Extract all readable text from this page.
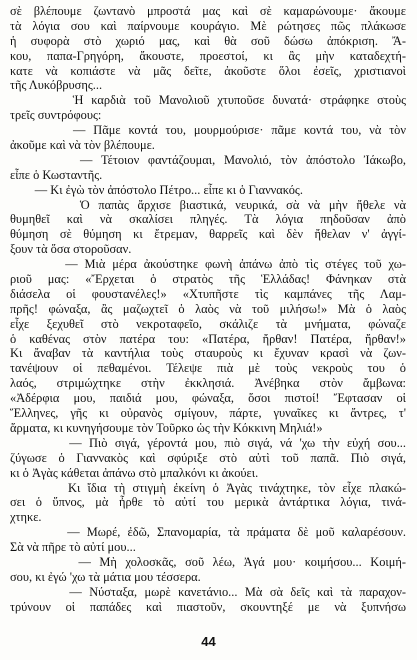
σὲ βλέπουμε ζωντανὸ μπροστά μας καὶ σὲ καμαρώνουμε· ἄκουμε
τὰ λόγια σου καὶ παίρνουμε κουράγιο. Μὲ ρώτησες πῶς πλάκωσε
ἡ συφορὰ στὸ χωριό μας, καὶ θὰ σοῦ δώσω ἀπόκριση. Ἄ-
κου, παπα-Γρηγόρη, ἄκουστε, προεστοί, κι ἂς μὴν καταδεχτή-
κατε νὰ κοπιάστε νὰ μᾶς δεῖτε, ἀκοῦστε ὅλοι ἐσεῖς, χριστιανοὶ
τῆς Λυκόβρυσης...
Ἡ καρδιὰ τοῦ Μανολιοῦ χτυποῦσε δυνατά· στράφηκε στοὺς
τρεῖς συντρόφους:
— Πᾶμε κοντά του, μουρμούρισε· πᾶμε κοντά του, νὰ τὸν
ἀκοῦμε καὶ νὰ τὸν βλέπουμε.
— Τέτοιον φαντάζουμαι, Μανολιό, τὸν ἀπόστολο Ἰάκωβο,
εἶπε ὁ Κωσταντῆς.
— Κι ἐγὼ τὸν ἀπόστολο Πέτρο... εἶπε κι ὁ Γιαννακός.
Ὁ παπὰς ἄρχισε βιαστικά, νευρικά, σὰ νὰ μὴν ἤθελε νὰ
θυμηθεῖ καὶ νὰ σκαλίσει πληγές. Τὰ λόγια πηδοῦσαν ἀπὸ
θύμηση σὲ θύμηση κι ἔτρεμαν, θαρρεῖς καὶ δὲν ἤθελαν ν' ἀγγί-
ξουν τὰ ὅσα στοροῦσαν.
— Μιὰ μέρα ἀκούστηκε φωνὴ ἀπάνω ἀπὸ τὶς στέγες τοῦ χω-
ριοῦ μας: «Ἔρχεται ὁ στρατὸς τῆς Ἑλλάδας! Φάνηκαν στὰ
διάσελα οἱ φουστανέλες!» «Χτυπῆστε τὶς καμπάνες τῆς Λαμ-
πρῆς! φώναξα, ἂς μαζωχτεῖ ὁ λαὸς νὰ τοῦ μιλήσω!» Μὰ ὁ λαὸς
εἶχε ξεχυθεῖ στὸ νεκροταφεῖο, σκάλιζε τὰ μνήματα, φώναζε
ὁ καθένας στὸν πατέρα του: «Πατέρα, ἤρθαν! Πατέρα, ἤρθαν!»
Κι ἄναβαν τὰ καντήλια τοὺς σταυροὺς κι ἔχυναν κρασὶ νὰ ζων-
τανέψουν οἱ πεθαμένοι. Τέλεψε πιὰ μὲ τοὺς νεκροὺς του ὁ
λαός, στριμώχτηκε στὴν ἐκκλησιά. Ἀνέβηκα στὸν ἄμβωνα:
«Ἀδέρφια μου, παιδιά μου, φώναξα, ὅσοι πιστοί! Ἔφτασαν οἱ
Ἕλληνες, γῆς κι οὐρανὸς σμίγουν, πάρτε, γυναῖκες κι ἄντρες, τ'
ἅρματα, κι κυνηγήσουμε τὸν Τοῦρκο ὡς τὴν Κόκκινη Μηλιά!»
— Πιὸ σιγά, γέροντά μου, πιὸ σιγά, νά 'χω τὴν εὐχή σου...
ζύγωσε ὁ Γιαννακὸς καὶ σφύριξε στὸ αὐτὶ τοῦ παπᾶ. Πιὸ σιγά,
κι ὁ Ἀγὰς κάθεται ἀπάνω στὸ μπαλκόνι κι ἀκούει.
Κι ἴδια τὴ στιγμὴ ἐκείνη ὁ Ἀγὰς τινάχτηκε, τὸν εἶχε πλακώ-
σει ὁ ὕπνος, μὰ ἦρθε τὸ αὐτί του μερικὰ ἀντάρτικα λόγια, τινά-
χτηκε.
— Μωρέ, ἐδῶ, Σπανομαρία, τὰ πράματα δὲ μοῦ καλαρέσουν.
Σὰ νὰ πῆρε τὸ αὐτί μου...
— Μὴ χολοσκᾶς, σοῦ λέω, Ἀγά μου· κοιμήσου... Κοιμή-
σου, κι ἐγώ 'χω τὰ μάτια μου τέσσερα.
— Νύσταξα, μωρὲ κανετάνιο... Μὰ σὰ δεῖς καὶ τὰ παραχον-
τρύνουν οἱ παπάδες καὶ πιαστοῦν, σκουντηξέ με νὰ ξυπνήσω
44
